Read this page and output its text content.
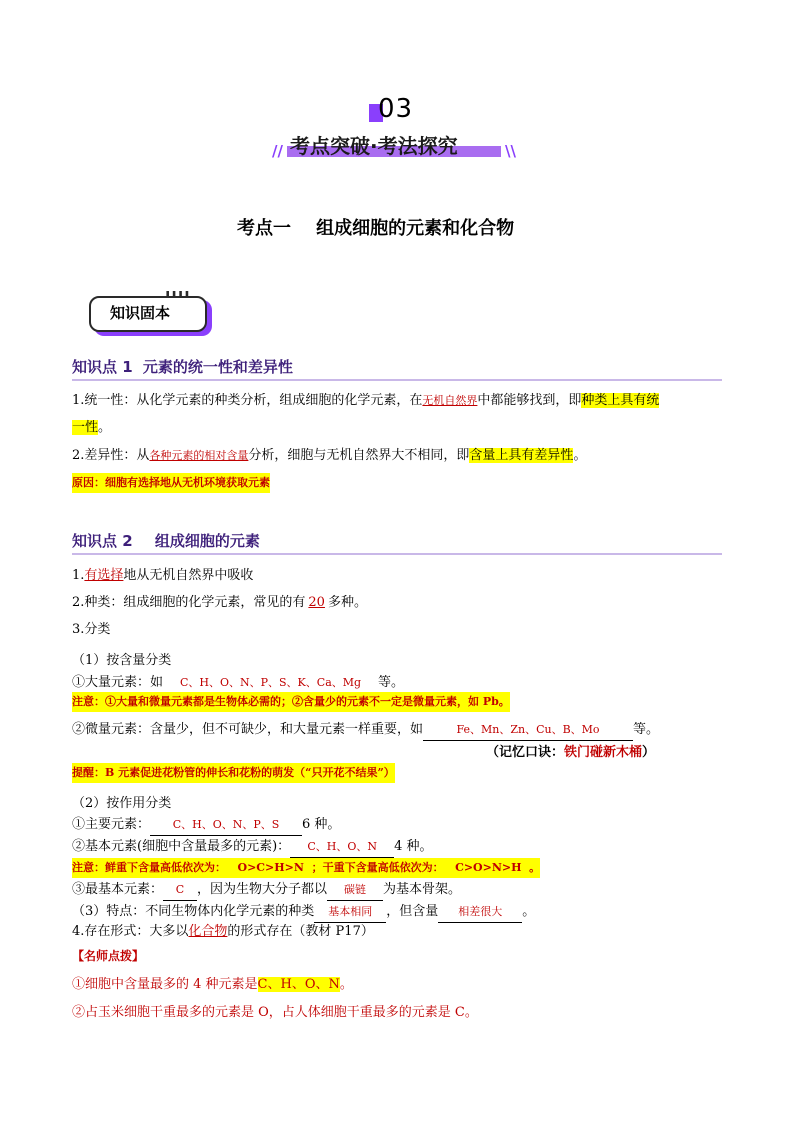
03
// 考点突破·考法探究	\\
考点一    组成细胞的元素和化合物
▮▮▮▮
知识固本
知识点 1 元素的统一性和差异性
1.统一性：从化学元素的种类分析，组成细胞的化学元素，在无机自然界中都能够找到，即种类上具有统
一性。
2.差异性：从各种元素的相对含量分析，细胞与无机自然界大不相同，即含量上具有差异性。
原因：细胞有选择地从无机环境获取元素
知识点 2 组成细胞的元素
1.有选择地从无机自然界中吸收
2.种类：组成细胞的化学元素，常见的有 20 多种。
3.分类
（1）按含量分类
①大量元素：如 C、H、O、N、P、S、K、Ca、Mg 等。
注意：①大量和微量元素都是生物体必需的；②含量少的元素不一定是微量元素，如 Pb。
②微量元素：含量少，但不可缺少，和大量元素一样重要，如	Fe、Mn、Zn、Cu、B、Mo	等。
（记忆口诀：铁门碰新木桶）
提醒：B 元素促进花粉管的伸长和花粉的萌发（“只开花不结果”）
（2）按作用分类
①主要元素： C、H、O、N、P、S 6 种。
②基本元素(细胞中含量最多的元素)： C、H、O、N 4 种。
注意：鲜重下含量高低依次为：   O>C>H>N  ；干重下含量高低依次为：   C>O>N>H  。
③最基本元素： C ，因为生物大分子都以 碳链 为基本骨架。
（3）特点：不同生物体内化学元素的种类 基本相同 ，但含量 相差很大 。
4.存在形式：大多以化合物的形式存在（教材 P17）
【名师点拨】
①细胞中含量最多的 4 种元素是C、H、O、N。
②占玉米细胞干重最多的元素是 O，占人体细胞干重最多的元素是 C。
